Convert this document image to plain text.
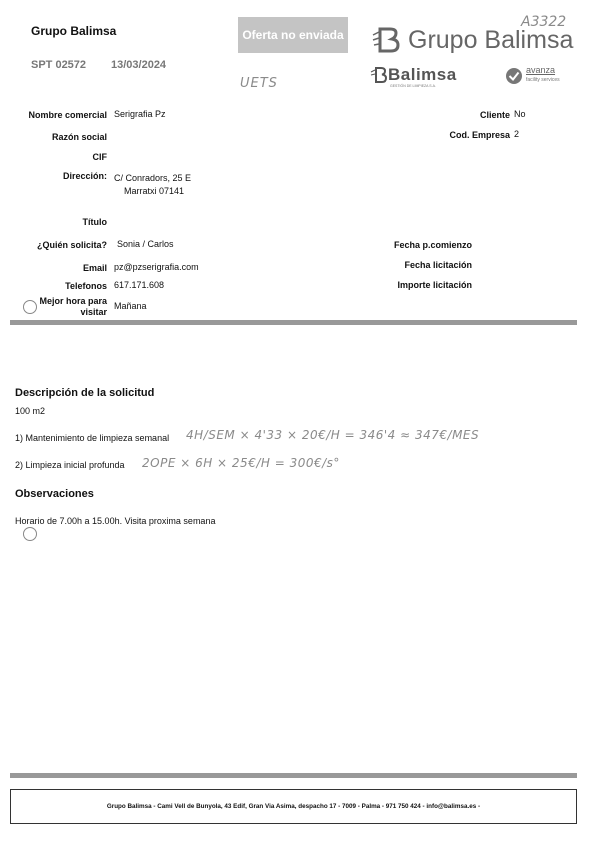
Grupo Balimsa
SPT 02572 13/03/2024
Oferta no enviada
UETS
A3322
Grupo Balimsa
Balimsa
GESTIÓN DE LIMPIEZA S.A.
avanza
facility services
Nombre comercial Serigrafia Pz
Razón social
CIF
Dirección: C/ Conradors, 25 E
Marratxi 07141
Título
¿Quién solicita? Sonia / Carlos
Email pz@pzserigrafia.com
Telefonos 617.171.608
Mejor hora para
visitar
Mañana
Cliente No
Cod. Empresa 2
Fecha p.comienzo
Fecha licitación
Importe licitación
Descripción de la solicitud
100 m2
1) Mantenimiento de limpieza semanal 4H/SEM × 4'33 × 20€/H = 346'4 ≈ 347€/MES
2) Limpieza inicial profunda 2OPE × 6H × 25€/H = 300€/s°
Observaciones
Horario de 7.00h a 15.00h. Visita proxima semana
Grupo Balimsa - Cami Vell de Bunyola, 43 Edif, Gran Via Asima, despacho 17 - 7009 - Palma - 971 750 424 - info@balimsa.es -
